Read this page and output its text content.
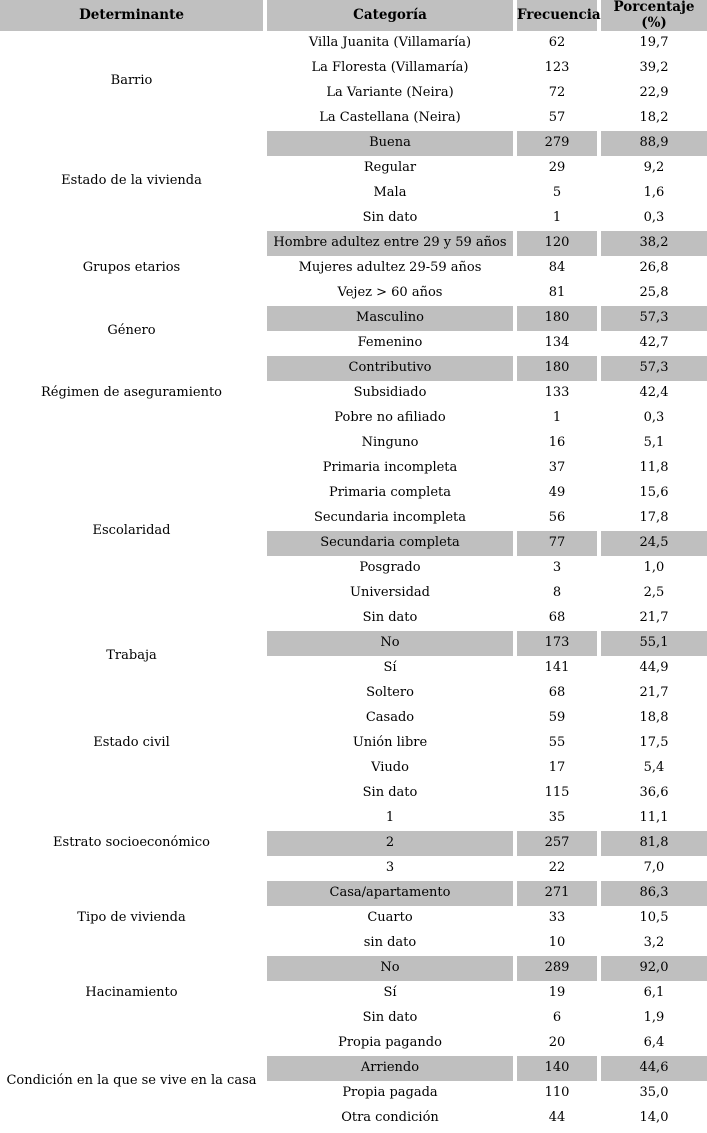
Determinante	Categoría	Frecuencia	Porcentaje (%)
Barrio	Villa Juanita (Villamaría)	62	19,7
	La Floresta (Villamaría)	123	39,2
	La Variante (Neira)	72	22,9
	La Castellana (Neira)	57	18,2
Estado de la vivienda	Buena	279	88,9
	Regular	29	9,2
	Mala	5	1,6
	Sin dato	1	0,3
Grupos etarios	Hombre adultez entre 29 y 59 años	120	38,2
	Mujeres adultez 29-59 años	84	26,8
	Vejez > 60 años	81	25,8
Género	Masculino	180	57,3
	Femenino	134	42,7
Régimen de aseguramiento	Contributivo	180	57,3
	Subsidiado	133	42,4
	Pobre no afiliado	1	0,3
Escolaridad	Ninguno	16	5,1
	Primaria incompleta	37	11,8
	Primaria completa	49	15,6
	Secundaria incompleta	56	17,8
	Secundaria completa	77	24,5
	Posgrado	3	1,0
	Universidad	8	2,5
	Sin dato	68	21,7
Trabaja	No	173	55,1
	Sí	141	44,9
Estado civil	Soltero	68	21,7
	Casado	59	18,8
	Unión libre	55	17,5
	Viudo	17	5,4
	Sin dato	115	36,6
Estrato socioeconómico	1	35	11,1
	2	257	81,8
	3	22	7,0
Tipo de vivienda	Casa/apartamento	271	86,3
	Cuarto	33	10,5
	sin dato	10	3,2
Hacinamiento	No	289	92,0
	Sí	19	6,1
	Sin dato	6	1,9
Condición en la que se vive en la casa	Propia pagando	20	6,4
	Arriendo	140	44,6
	Propia pagada	110	35,0
	Otra condición	44	14,0
